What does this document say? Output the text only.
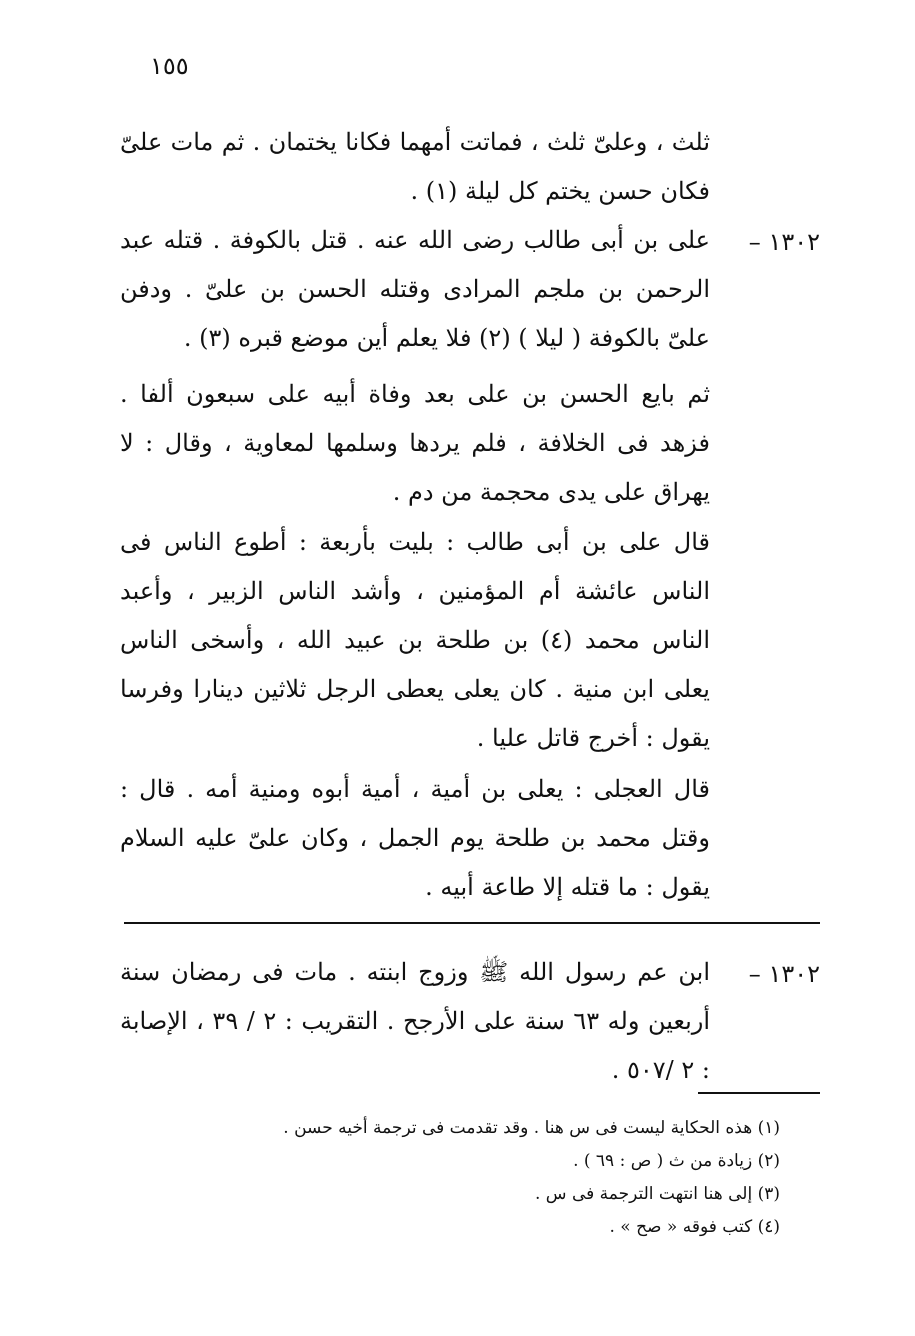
١٥٥

ثلث ، وعلىّ ثلث ، فماتت أمهما فكانا يختمان . ثم مات علىّ فكان حسن يختم كل ليلة (١) .

١٣٠٢ –

على بن أبى طالب رضى الله عنه . قتل بالكوفة . قتله عبد الرحمن بن ملجم المرادى وقتله الحسن بن علىّ . ودفن علىّ بالكوفة ( ليلا ) (٢) فلا يعلم أين موضع قبره (٣) .

ثم بايع الحسن بن على بعد وفاة أبيه على سبعون ألفا . فزهد فى الخلافة ، فلم يردها وسلمها لمعاوية ، وقال : لا يهراق على يدى محجمة من دم .

قال على بن أبى طالب : بليت بأربعة : أطوع الناس فى الناس عائشة أم المؤمنين ، وأشد الناس الزبير ، وأعبد الناس محمد (٤) بن طلحة بن عبيد الله ، وأسخى الناس يعلى ابن منية . كان يعلى يعطى الرجل ثلاثين دينارا وفرسا يقول : أخرج قاتل عليا .

قال العجلى : يعلى بن أمية ، أمية أبوه ومنية أمه . قال : وقتل محمد بن طلحة يوم الجمل ، وكان علىّ عليه السلام يقول : ما قتله إلا طاعة أبيه .

١٣٠٢ –

ابن عم رسول الله ﷺ وزوج ابنته . مات فى رمضان سنة أربعين وله ٦٣ سنة على الأرجح . التقريب : ٢ / ٣٩ ، الإصابة : ٢ /٥٠٧ .

(١) هذه الحكاية ليست فى س هنا . وقد تقدمت فى ترجمة أخيه حسن .

(٢) زيادة من ث ( ص : ٦٩ ) .

(٣) إلى هنا انتهت الترجمة فى س .

(٤) كتب فوقه « صح » .
